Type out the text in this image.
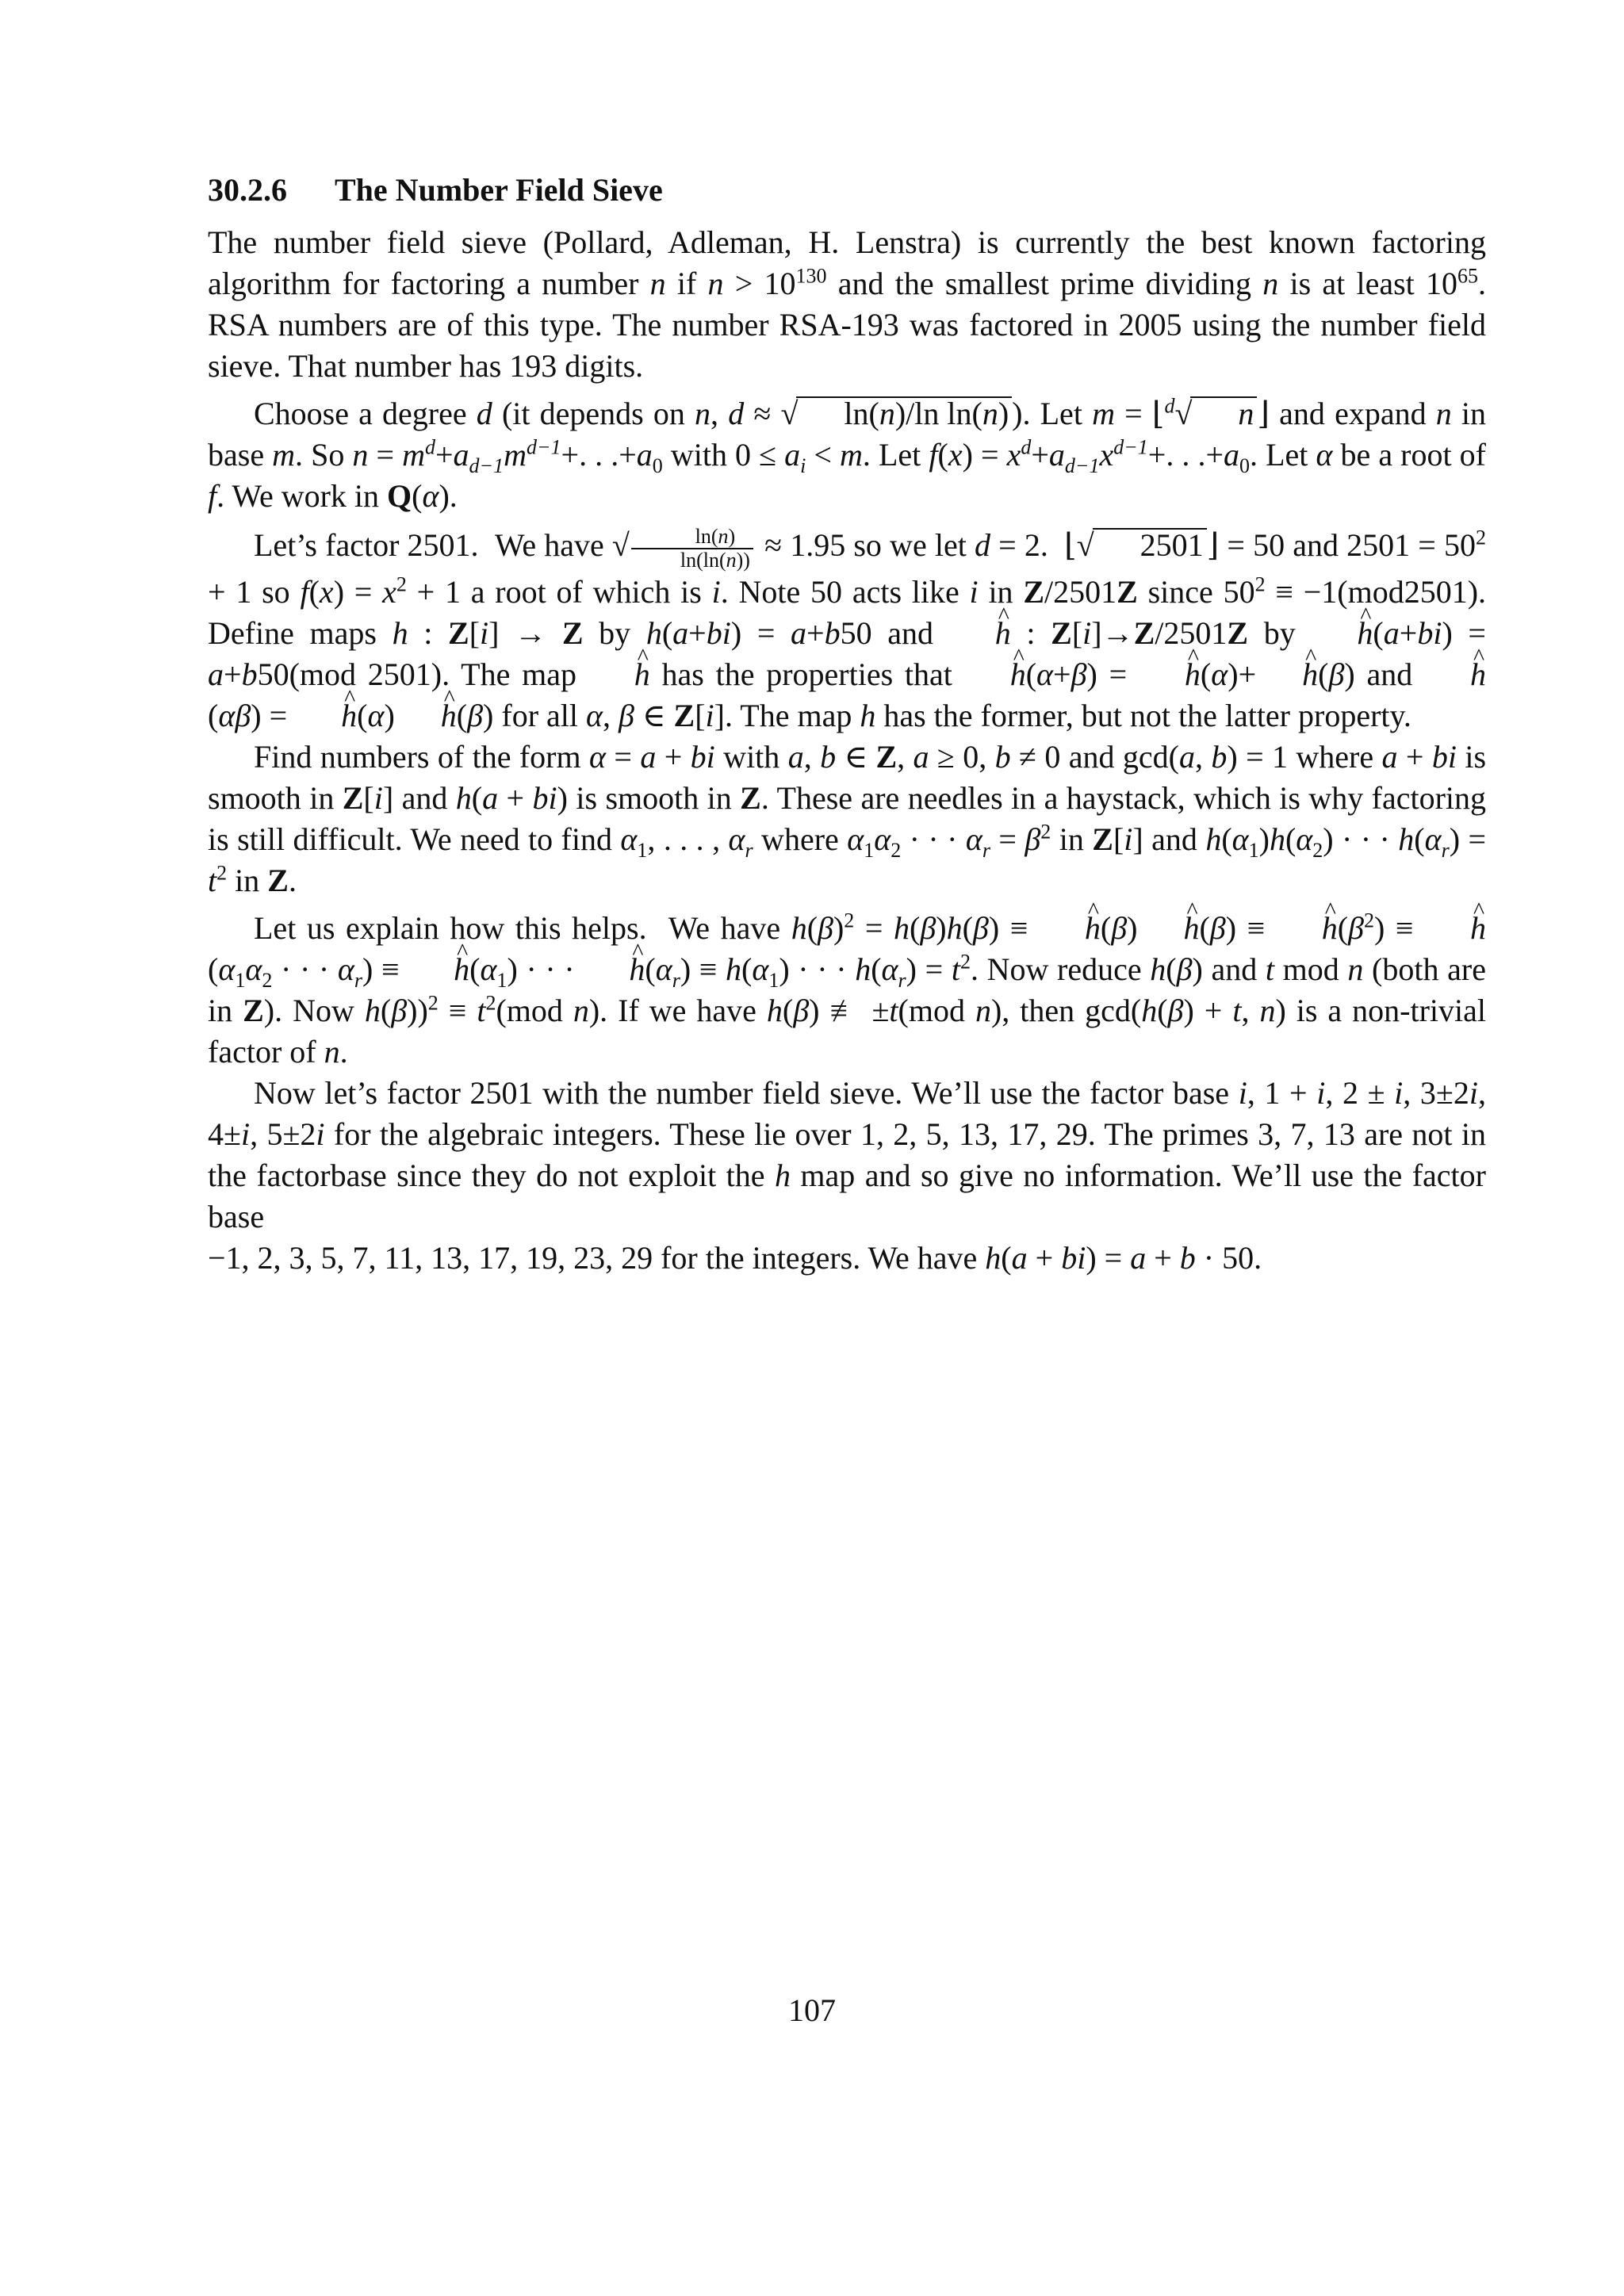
30.2.6 The Number Field Sieve

The number field sieve (Pollard, Adleman, H. Lenstra) is currently the best known factoring algorithm for factoring a number n if $n > 10^{130}$ and the smallest prime dividing n is at least $10^{65}$. RSA numbers are of this type. The number RSA-193 was factored in 2005 using the number field sieve. That number has 193 digits.

Choose a degree d (it depends on n, d ≈ √ ln(n)/ln ln(n) ). Let m = ⌊$^d$√ n ⌋ and expand n in base m. So $n = m^d+a_{d-1}m^{d-1}+$. . $.+a_0$ with $0 \le a_i < m$. Let $f(x) = x^d+a_{d-1}x^{d-1}+$. . $.+a_0$. Let α be a root of f. We work in Q(α).

Let’s factor 2501.  We have √ $\frac{\ln(n)}{\ln(\ln(n))} \approx 1.95$ so we let d = 2.  ⌊√ 2501 ⌋ = 50 and $2501 = 50^2 + 1$ so $f(x) = x^2 + 1$ a root of which is i. Note 50 acts like i in Z/2501Z since $50^2 \equiv -1(mod2501)$. Define maps h : Z[i] → Z by h(a+bi) = a+b50 and ^ h : Z[i]→Z/2501Z by ^ h(a+bi) = a+b50(mod 2501). The map ^ h has the properties that ^ h(α+β) = ^ h(α)+ ^ h(β) and ^ h(αβ) = ^ h(α) ^ h(β) for all α, β ∈ Z[i]. The map h has the former, but not the latter property.

Find numbers of the form α = a + bi with a, b ∈ Z, a ≥ 0, b ≠ 0 and gcd(a, b) = 1 where a + bi is smooth in Z[i] and h(a + bi) is smooth in Z. These are needles in a haystack, which is why factoring is still difficult. We need to find $\alpha_1$, . . . , $\alpha_r$ where $\alpha_1\alpha_2$ · · · $\alpha_r = \beta^2$ in Z[i] and $h(\alpha_1)h(\alpha_2)$ · · · $h(\alpha_r) = t^2$ in Z.

Let us explain how this helps.  We have $h(\beta)^2 = h(\beta)h(\beta)$ ≡ ^ h(β) ^ h(β) ≡ ^ $h(\beta^2)$ ≡ ^ $h(\alpha_1\alpha_2$ · · · $\alpha_r$) ≡ ^ $h(\alpha_1)$ · · · ^ $h(\alpha_r) \equiv h(\alpha_1)$ · · · $h(\alpha_r) = t^2$. Now reduce h(β) and t mod n (both are in Z). Now $h(\beta))^2 \equiv t^2(mod$ n). If we have h(β) ≢ ±t(mod n), then gcd(h(β) + t, n) is a non-trivial factor of n.

Now let’s factor 2501 with the number field sieve. We’ll use the factor base i, 1 + i, 2 ± i, 3±2i, 4±i, 5±2i for the algebraic integers. These lie over 1, 2, 5, 13, 17, 29. The primes 3, 7, 13 are not in the factorbase since they do not exploit the h map and so give no information. We’ll use the factor base

−1, 2, 3, 5, 7, 11, 13, 17, 19, 23, 29 for the integers. We have h(a + bi) = a + b · 50.

107
